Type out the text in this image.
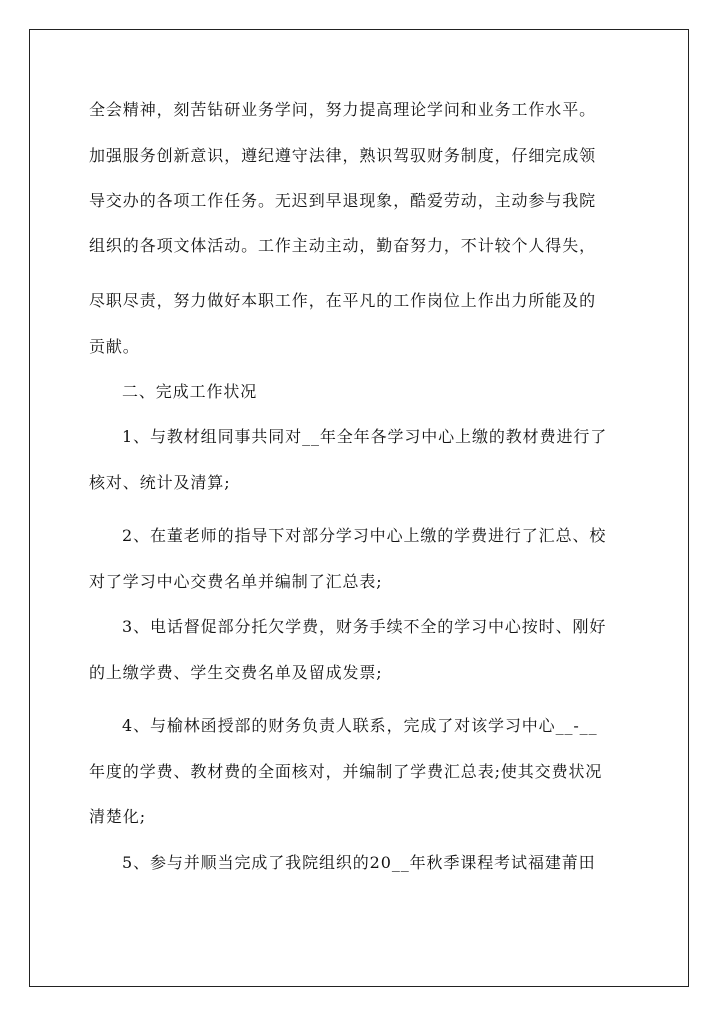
全会精神，刻苦钻研业务学问，努力提高理论学问和业务工作水平。
加强服务创新意识，遵纪遵守法律，熟识驾驭财务制度，仔细完成领
导交办的各项工作任务。无迟到早退现象，酷爱劳动，主动参与我院
组织的各项文体活动。工作主动主动，勤奋努力，不计较个人得失，
尽职尽责，努力做好本职工作，在平凡的工作岗位上作出力所能及的
贡献。
二、完成工作状况
1、与教材组同事共同对__年全年各学习中心上缴的教材费进行了
核对、统计及清算;
2、在董老师的指导下对部分学习中心上缴的学费进行了汇总、校
对了学习中心交费名单并编制了汇总表;
3、电话督促部分托欠学费，财务手续不全的学习中心按时、刚好
的上缴学费、学生交费名单及留成发票;
4、与榆林函授部的财务负责人联系，完成了对该学习中心__-__
年度的学费、教材费的全面核对，并编制了学费汇总表;使其交费状况
清楚化;
5、参与并顺当完成了我院组织的20__年秋季课程考试福建莆田
